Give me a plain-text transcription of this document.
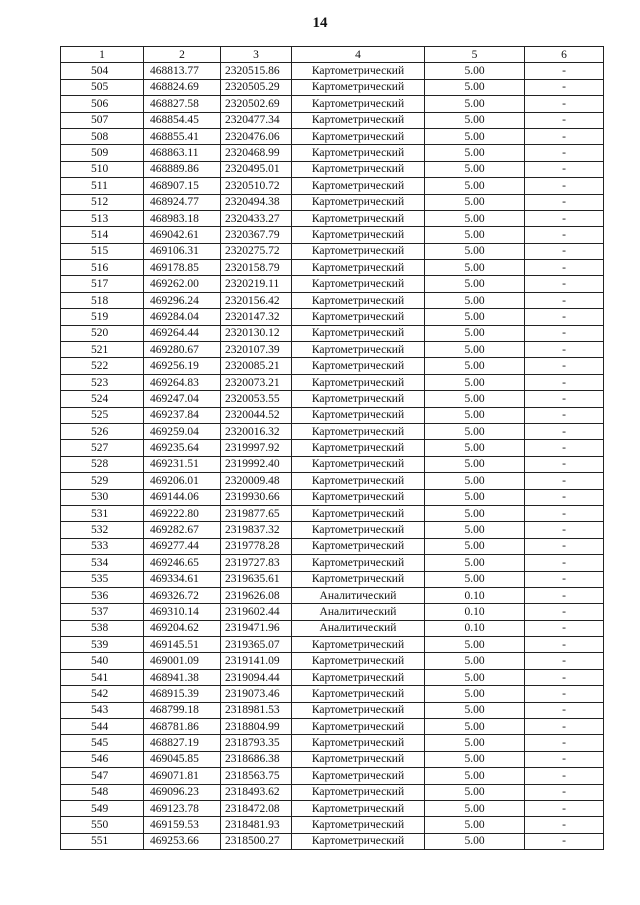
14
1	2	3	4	5	6
504	468813.77	2320515.86	Картометрический	5.00	-
505	468824.69	2320505.29	Картометрический	5.00	-
506	468827.58	2320502.69	Картометрический	5.00	-
507	468854.45	2320477.34	Картометрический	5.00	-
508	468855.41	2320476.06	Картометрический	5.00	-
509	468863.11	2320468.99	Картометрический	5.00	-
510	468889.86	2320495.01	Картометрический	5.00	-
511	468907.15	2320510.72	Картометрический	5.00	-
512	468924.77	2320494.38	Картометрический	5.00	-
513	468983.18	2320433.27	Картометрический	5.00	-
514	469042.61	2320367.79	Картометрический	5.00	-
515	469106.31	2320275.72	Картометрический	5.00	-
516	469178.85	2320158.79	Картометрический	5.00	-
517	469262.00	2320219.11	Картометрический	5.00	-
518	469296.24	2320156.42	Картометрический	5.00	-
519	469284.04	2320147.32	Картометрический	5.00	-
520	469264.44	2320130.12	Картометрический	5.00	-
521	469280.67	2320107.39	Картометрический	5.00	-
522	469256.19	2320085.21	Картометрический	5.00	-
523	469264.83	2320073.21	Картометрический	5.00	-
524	469247.04	2320053.55	Картометрический	5.00	-
525	469237.84	2320044.52	Картометрический	5.00	-
526	469259.04	2320016.32	Картометрический	5.00	-
527	469235.64	2319997.92	Картометрический	5.00	-
528	469231.51	2319992.40	Картометрический	5.00	-
529	469206.01	2320009.48	Картометрический	5.00	-
530	469144.06	2319930.66	Картометрический	5.00	-
531	469222.80	2319877.65	Картометрический	5.00	-
532	469282.67	2319837.32	Картометрический	5.00	-
533	469277.44	2319778.28	Картометрический	5.00	-
534	469246.65	2319727.83	Картометрический	5.00	-
535	469334.61	2319635.61	Картометрический	5.00	-
536	469326.72	2319626.08	Аналитический	0.10	-
537	469310.14	2319602.44	Аналитический	0.10	-
538	469204.62	2319471.96	Аналитический	0.10	-
539	469145.51	2319365.07	Картометрический	5.00	-
540	469001.09	2319141.09	Картометрический	5.00	-
541	468941.38	2319094.44	Картометрический	5.00	-
542	468915.39	2319073.46	Картометрический	5.00	-
543	468799.18	2318981.53	Картометрический	5.00	-
544	468781.86	2318804.99	Картометрический	5.00	-
545	468827.19	2318793.35	Картометрический	5.00	-
546	469045.85	2318686.38	Картометрический	5.00	-
547	469071.81	2318563.75	Картометрический	5.00	-
548	469096.23	2318493.62	Картометрический	5.00	-
549	469123.78	2318472.08	Картометрический	5.00	-
550	469159.53	2318481.93	Картометрический	5.00	-
551	469253.66	2318500.27	Картометрический	5.00	-
